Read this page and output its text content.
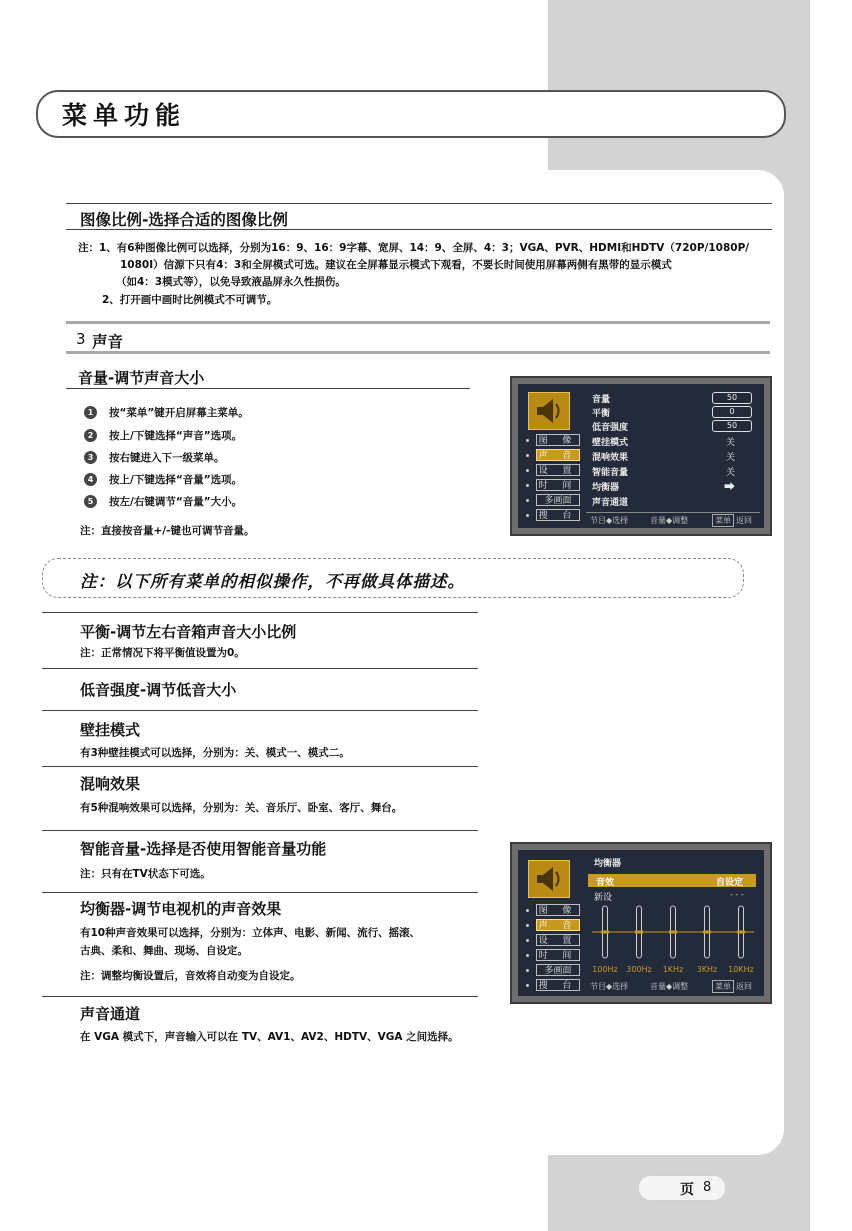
菜单功能
图像比例-选择合适的图像比例
注：1、有6种图像比例可以选择，分别为16：9、16：9字幕、宽屏、14：9、全屏、4：3；VGA、PVR、HDMI和HDTV（720P/1080P/
1080I）信源下只有4：3和全屏模式可选。建议在全屏幕显示模式下观看，不要长时间使用屏幕两侧有黑带的显示模式
（如4：3模式等），以免导致液晶屏永久性损伤。
2、打开画中画时比例模式不可调节。
3 声音
音量-调节声音大小
1	按“菜单”键开启屏幕主菜单。
2	按上/下键选择“声音”选项。
3	按右键进入下一级菜单。
4	按上/下键选择“音量”选项。
5	按左/右键调节“音量”大小。
注：直接按音量+/-键也可调节音量。
图 像
声 音
设 置
时 间
多画面
搜 台
音量	50
平衡	0
低音强度	50
壁挂模式	关
混响效果	关
智能音量	关
均衡器	⮕
声音通道
节目◆选择	音量◆调整	菜单 返回
注：以下所有菜单的相似操作，不再做具体描述。
平衡-调节左右音箱声音大小比例
注：正常情况下将平衡值设置为0。
低音强度-调节低音大小
壁挂模式
有3种壁挂模式可以选择，分别为：关、模式一、模式二。
混响效果
有5种混响效果可以选择，分别为：关、音乐厅、卧室、客厅、舞台。
智能音量-选择是否使用智能音量功能
注：只有在TV状态下可选。
均衡器-调节电视机的声音效果
有10种声音效果可以选择，分别为：立体声、电影、新闻、流行、摇滚、
古典、柔和、舞曲、现场、自设定。
注：调整均衡设置后，音效将自动变为自设定。
声音通道
在 VGA 模式下，声音输入可以在 TV、AV1、AV2、HDTV、VGA 之间选择。
图 像
声 音
设 置
时 间
多画面
搜 台
均衡器
音效	自设定
新设	- - -
100Hz 300Hz 1KHz 3KHz 10KHz
节目◆选择	音量◆调整	菜单 返回
页 8
